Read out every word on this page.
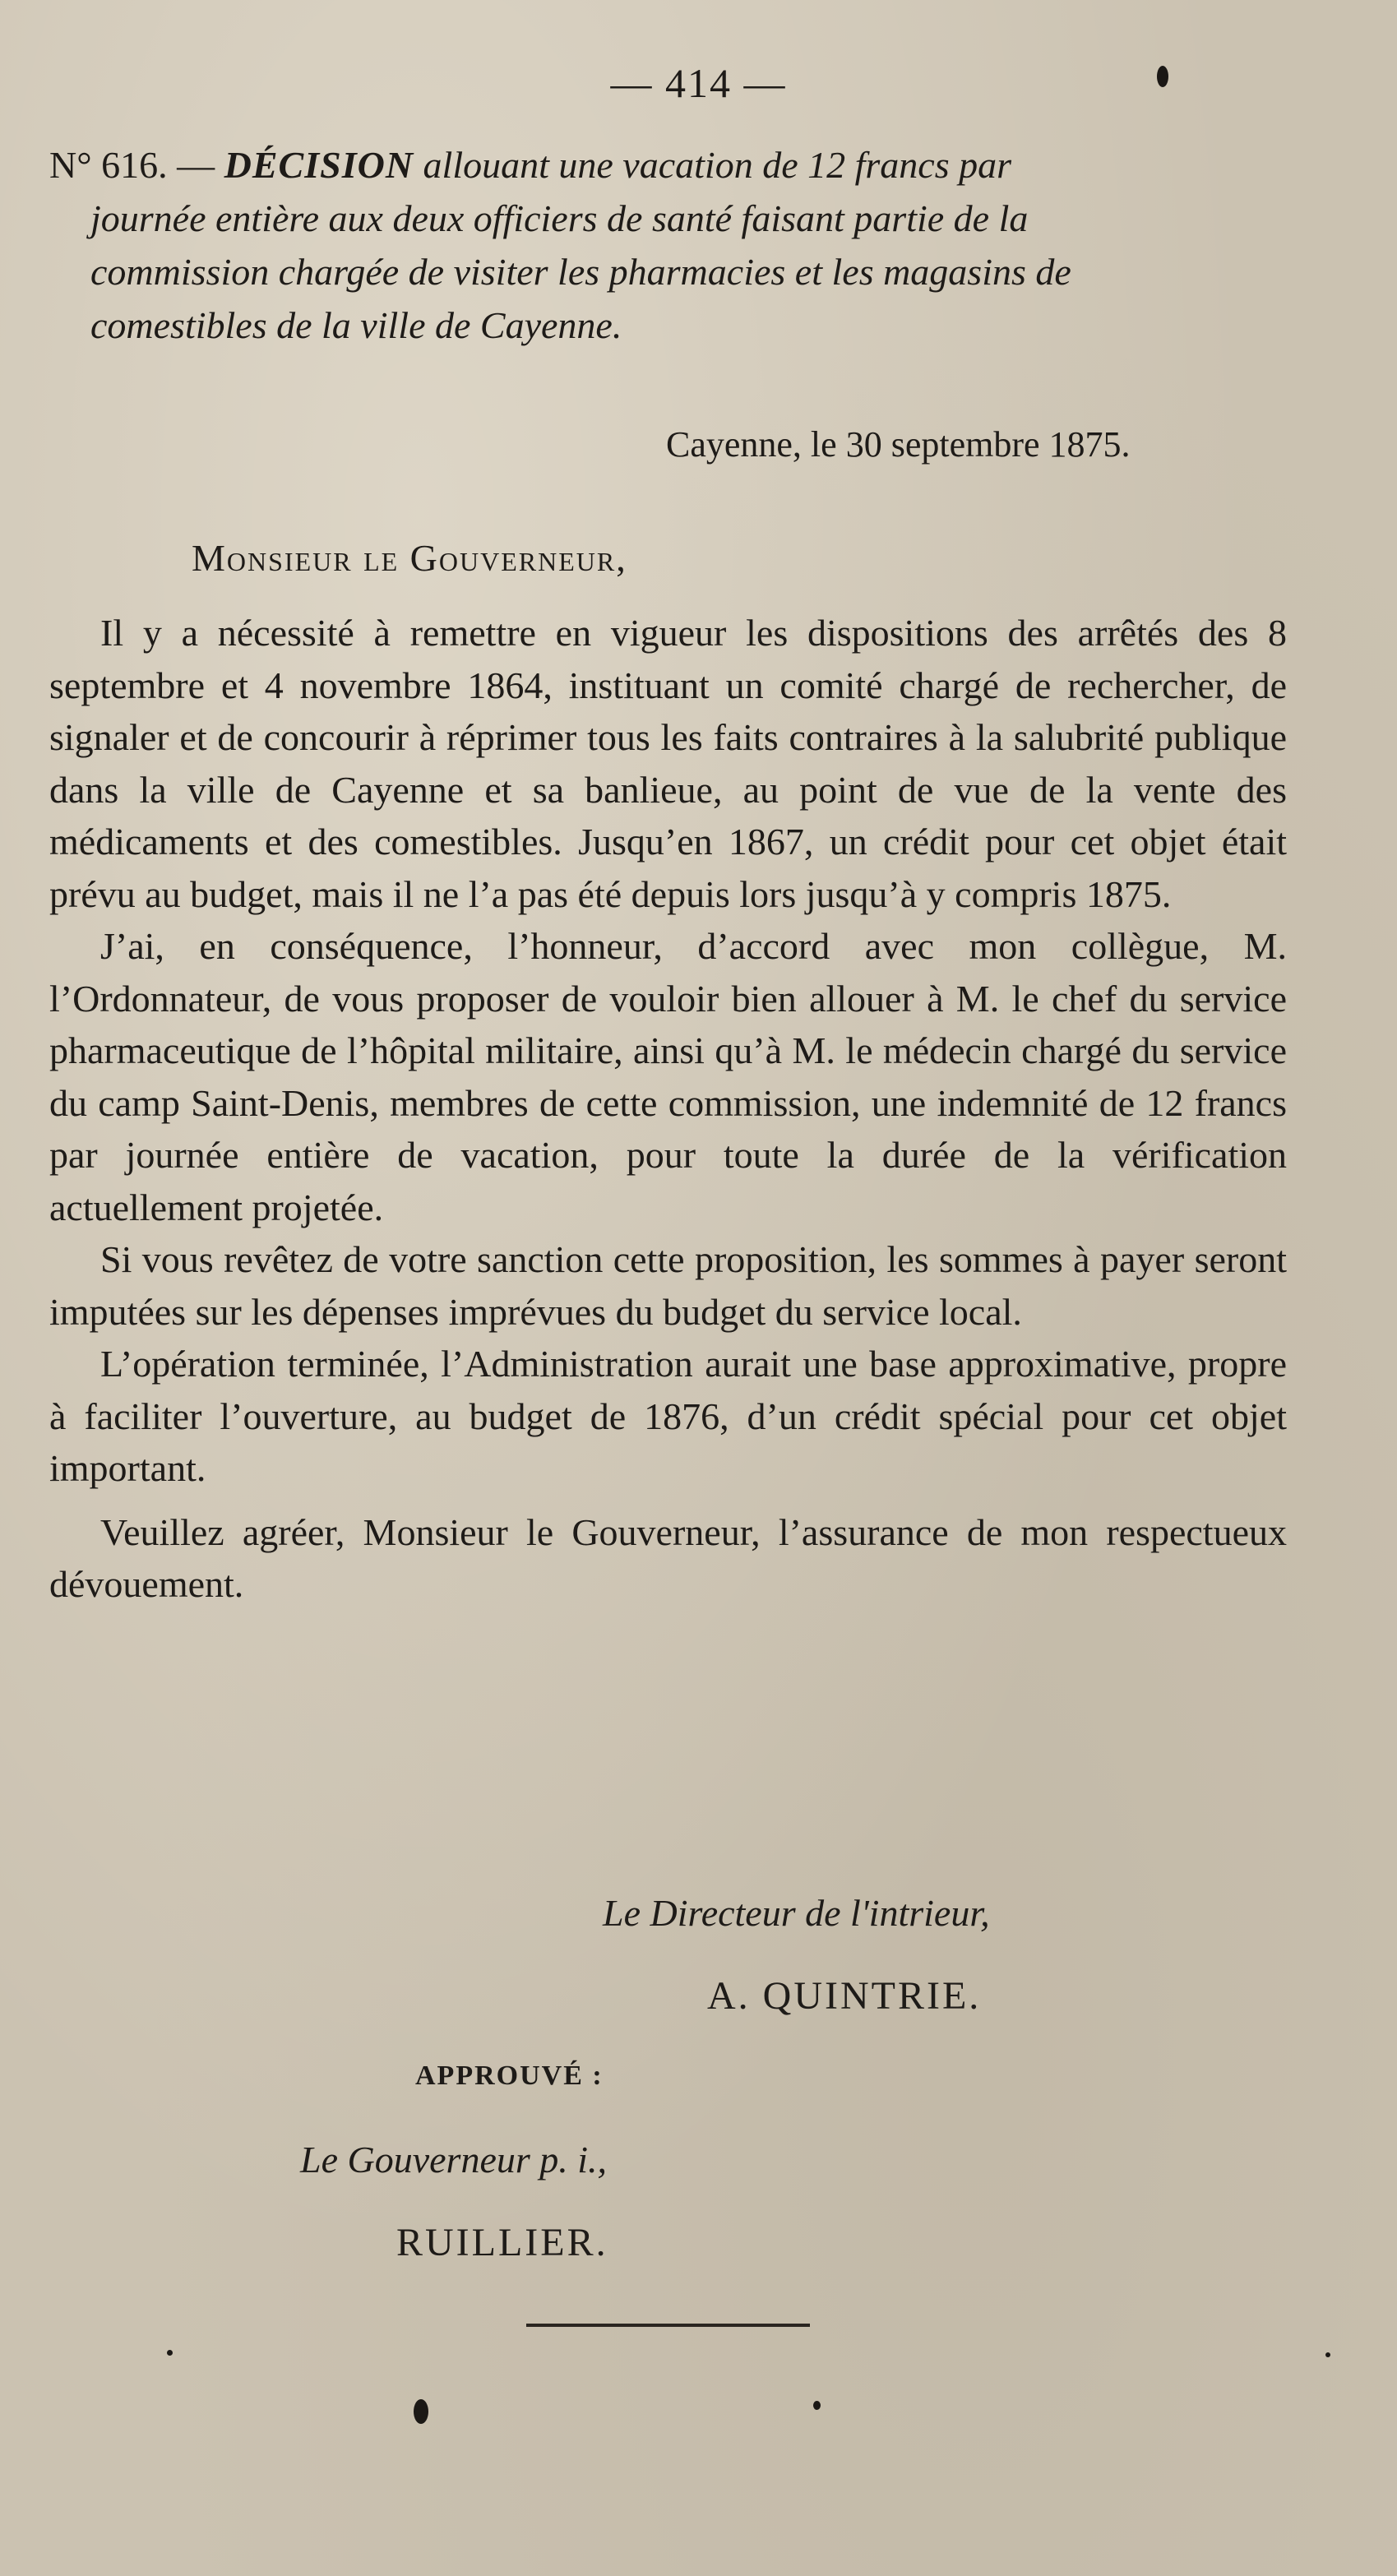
— 414 —
N° 616. — DÉCISION allouant une vacation de 12 francs par
journée entière aux deux officiers de santé faisant partie de la
commission chargée de visiter les pharmacies et les magasins de
comestibles de la ville de Cayenne.
Cayenne, le 30 septembre 1875.
Monsieur le Gouverneur,

Il y a nécessité à remettre en vigueur les dispositions des arrêtés des 8 septembre et 4 novembre 1864, instituant un comité chargé de rechercher, de signaler et de concourir à réprimer tous les faits contraires à la salubrité publique dans la ville de Cayenne et sa banlieue, au point de vue de la vente des médicaments et des comestibles. Jusqu’en 1867, un crédit pour cet objet était prévu au budget, mais il ne l’a pas été depuis lors jusqu’à y compris 1875.

J’ai, en conséquence, l’honneur, d’accord avec mon collègue, M. l’Ordonnateur, de vous proposer de vouloir bien allouer à M. le chef du service pharmaceutique de l’hôpital militaire, ainsi qu’à M. le médecin chargé du service du camp Saint-Denis, membres de cette commission, une indemnité de 12 francs par journée entière de vacation, pour toute la durée de la vérification actuellement projetée.

Si vous revêtez de votre sanction cette proposition, les sommes à payer seront imputées sur les dépenses imprévues du budget du service local.

L’opération terminée, l’Administration aurait une base approximative, propre à faciliter l’ouverture, au budget de 1876, d’un crédit spécial pour cet objet important.

Veuillez agréer, Monsieur le Gouverneur, l’assurance de mon respectueux dévouement.

Le Directeur de l'intrieur,
A. QUINTRIE.
APPROUVÉ :
Le Gouverneur p. i.,
RUILLIER.
